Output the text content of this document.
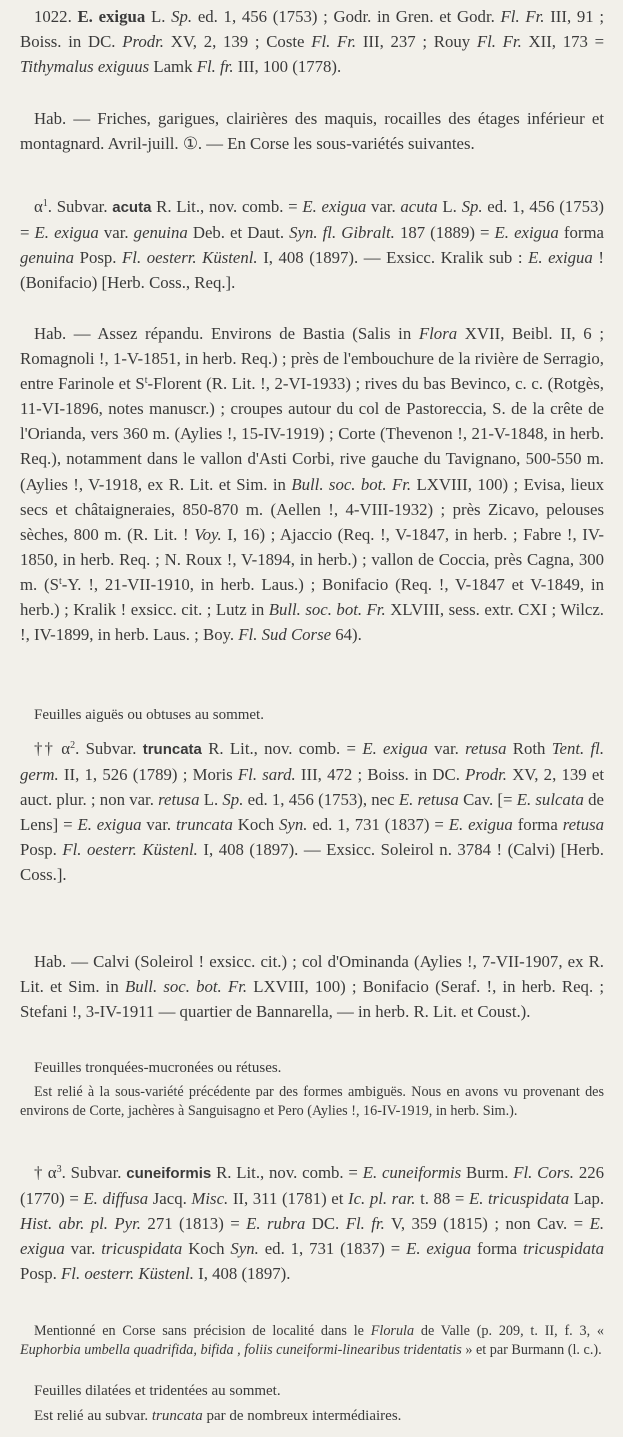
1022. E. exigua L. Sp. ed. 1, 456 (1753) ; Godr. in Gren. et Godr. Fl. Fr. III, 91 ; Boiss. in DC. Prodr. XV, 2, 139 ; Coste Fl. Fr. III, 237 ; Rouy Fl. Fr. XII, 173 = Tithymalus exiguus Lamk Fl. fr. III, 100 (1778).

Hab. — Friches, garigues, clairières des maquis, rocailles des étages inférieur et montagnard. Avril-juill. ①. — En Corse les sous-variétés suivantes.

$\alpha^1$. Subvar. acuta R. Lit., nov. comb. = E. exigua var. acuta L. Sp. ed. 1, 456 (1753) = E. exigua var. genuina Deb. et Daut. Syn. fl. Gibralt. 187 (1889) = E. exigua forma genuina Posp. Fl. oesterr. Küstenl. I, 408 (1897). — Exsicc. Kralik sub : E. exigua ! (Bonifacio) [Herb. Coss., Req.].

Hab. — Assez répandu. Environs de Bastia (Salis in Flora XVII, Beibl. II, 6 ; Romagnoli !, 1-V-1851, in herb. Req.) ; près de l'embouchure de la rivière de Serragio, entre Farinole et $S^t$-Florent (R. Lit. !, 2-VI-1933) ; rives du bas Bevinco, c. c. (Rotgès, 11-VI-1896, notes manuscr.) ; croupes autour du col de Pastoreccia, S. de la crête de l'Orianda, vers 360 m. (Aylies !, 15-IV-1919) ; Corte (Thevenon !, 21-V-1848, in herb. Req.), notamment dans le vallon d'Asti Corbi, rive gauche du Tavignano, 500-550 m. (Aylies !, V-1918, ex R. Lit. et Sim. in Bull. soc. bot. Fr. LXVIII, 100) ; Evisa, lieux secs et châtaigneraies, 850-870 m. (Aellen !, 4-VIII-1932) ; près Zicavo, pelouses sèches, 800 m. (R. Lit. ! Voy. I, 16) ; Ajaccio (Req. !, V-1847, in herb. ; Fabre !, IV-1850, in herb. Req. ; N. Roux !, V-1894, in herb.) ; vallon de Coccia, près Cagna, 300 m. ($S^t-Y$. !, 21-VII-1910, in herb. Laus.) ; Bonifacio (Req. !, V-1847 et V-1849, in herb.) ; Kralik ! exsicc. cit. ; Lutz in Bull. soc. bot. Fr. XLVIII, sess. extr. CXI ; Wilcz. !, IV-1899, in herb. Laus. ; Boy. Fl. Sud Corse 64).

Feuilles aiguës ou obtuses au sommet.

†† $\alpha^2$. Subvar. truncata R. Lit., nov. comb. = E. exigua var. retusa Roth Tent. fl. germ. II, 1, 526 (1789) ; Moris Fl. sard. III, 472 ; Boiss. in DC. Prodr. XV, 2, 139 et auct. plur. ; non var. retusa L. Sp. ed. 1, 456 (1753), nec E. retusa Cav. [= E. sulcata de Lens] = E. exigua var. truncata Koch Syn. ed. 1, 731 (1837) = E. exigua forma retusa Posp. Fl. oesterr. Küstenl. I, 408 (1897). — Exsicc. Soleirol n. 3784 ! (Calvi) [Herb. Coss.].

Hab. — Calvi (Soleirol ! exsicc. cit.) ; col d'Ominanda (Aylies !, 7-VII-1907, ex R. Lit. et Sim. in Bull. soc. bot. Fr. LXVIII, 100) ; Bonifacio (Seraf. !, in herb. Req. ; Stefani !, 3-IV-1911 — quartier de Bannarella, — in herb. R. Lit. et Coust.).

Feuilles tronquées-mucronées ou rétuses.

Est relié à la sous-variété précédente par des formes ambiguës. Nous en avons vu provenant des environs de Corte, jachères à Sanguisagno et Pero (Aylies !, 16-IV-1919, in herb. Sim.).

† $\alpha^3$. Subvar. cuneiformis R. Lit., nov. comb. = E. cuneiformis Burm. Fl. Cors. 226 (1770) = E. diffusa Jacq. Misc. II, 311 (1781) et Ic. pl. rar. t. 88 = E. tricuspidata Lap. Hist. abr. pl. Pyr. 271 (1813) = E. rubra DC. Fl. fr. V, 359 (1815) ; non Cav. = E. exigua var. tricuspidata Koch Syn. ed. 1, 731 (1837) = E. exigua forma tricuspidata Posp. Fl. oesterr. Küstenl. I, 408 (1897).

Mentionné en Corse sans précision de localité dans le Florula de Valle (p. 209, t. II, f. 3, « Euphorbia umbella quadrifida, bifida , foliis cuneiformi-linearibus tridentatis » et par Burmann (l. c.).

Feuilles dilatées et tridentées au sommet.

Est relié au subvar. truncata par de nombreux intermédiaires.
